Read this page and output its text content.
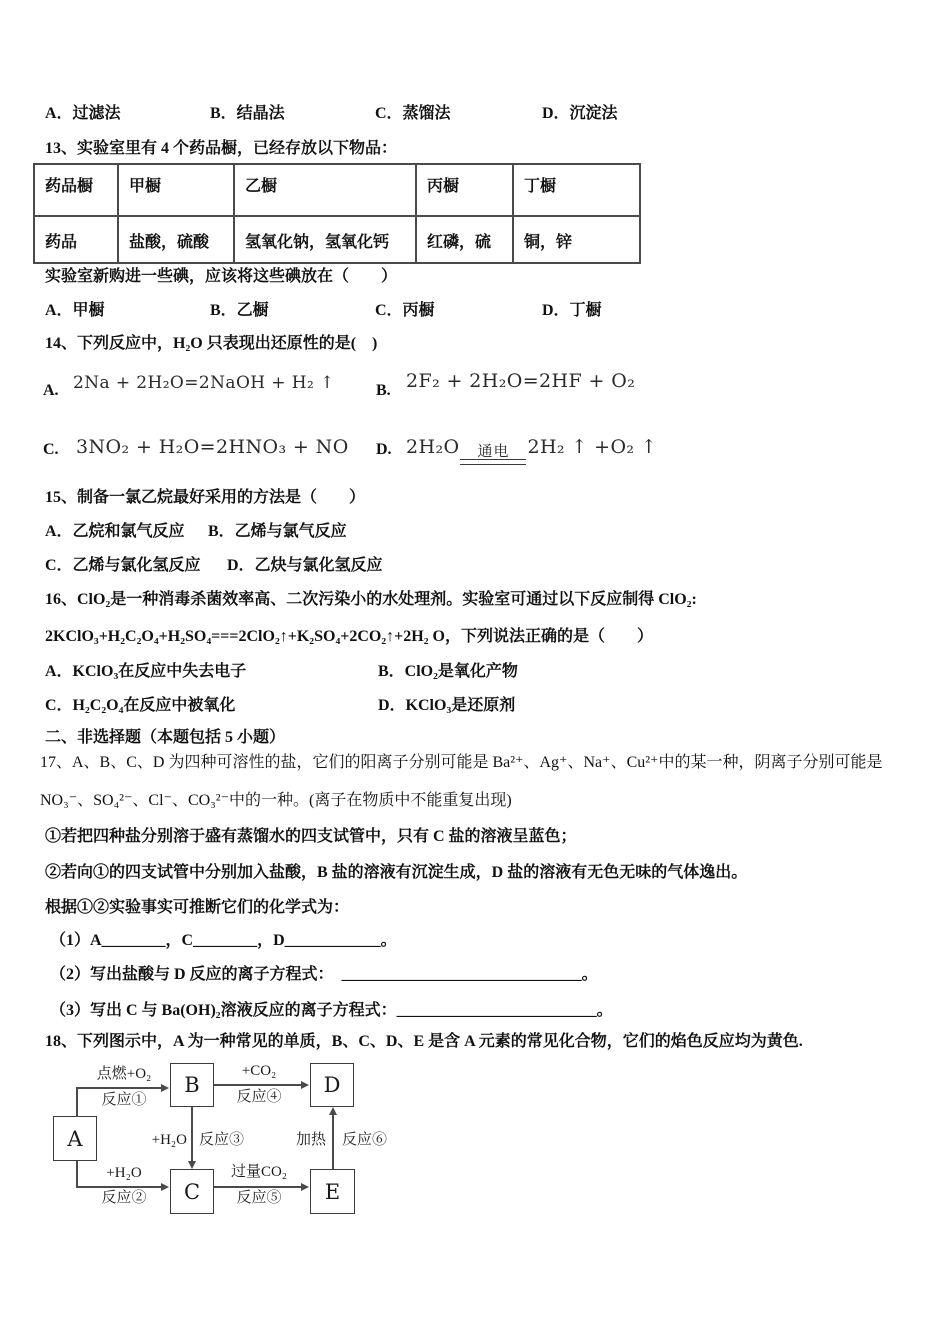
A．过滤法	B．结晶法	C．蒸馏法	D．沉淀法
13、实验室里有 4 个药品橱，已经存放以下物品：
药品橱	甲橱	乙橱	丙橱	丁橱
药品	盐酸，硫酸	氢氧化钠，氢氧化钙	红磷，硫	铜，锌
实验室新购进一些碘，应该将这些碘放在（　　）
A．甲橱	B．乙橱	C．丙橱	D．丁橱
14、下列反应中，H₂O 只表现出还原性的是(　)
A. 2Na + 2H₂O=2NaOH + H₂ ↑	B. 2F₂ + 2H₂O=2HF + O₂
C. 3NO₂ + H₂O=2HNO₃ + NO D. 2H₂O 通电 2H₂ ↑ +O₂ ↑
15、制备一氯乙烷最好采用的方法是（　　）
A．乙烷和氯气反应 B．乙烯与氯气反应
C．乙烯与氯化氢反应 D．乙炔与氯化氢反应
16、ClO₂是一种消毒杀菌效率高、二次污染小的水处理剂。实验室可通过以下反应制得 ClO₂:
2KClO₃+H₂C₂O₄+H₂SO₄===2ClO₂↑+K₂SO₄+2CO₂↑+2H₂ O，下列说法正确的是（　　）
A．KClO₃在反应中失去电子	B．ClO₂是氧化产物
C．H₂C₂O₄在反应中被氧化	D．KClO₃是还原剂
二、非选择题（本题包括 5 小题）
17、A、B、C、D 为四种可溶性的盐，它们的阳离子分别可能是 Ba²⁺、Ag⁺、Na⁺、Cu²⁺中的某一种，阴离子分别可能是
NO₃⁻、SO₄²⁻、Cl⁻、CO₃²⁻中的一种。(离子在物质中不能重复出现)
①若把四种盐分别溶于盛有蒸馏水的四支试管中，只有 C 盐的溶液呈蓝色；
②若向①的四支试管中分别加入盐酸，B 盐的溶液有沉淀生成，D 盐的溶液有无色无味的气体逸出。
根据①②实验事实可推断它们的化学式为：
（1）A________，C________，D____________。
（2）写出盐酸与 D 反应的离子方程式： ______________________________。
（3）写出 C 与 Ba(OH)₂溶液反应的离子方程式：_________________________。
18、下列图示中，A 为一种常见的单质，B、C、D、E 是含 A 元素的常见化合物，它们的焰色反应均为黄色.
A
B
C
D
E
点燃+O₂
反应①
+H₂O
反应②
+H₂O 反应③
+CO₂
反应④
过量CO₂
反应⑤
加热 反应⑥
